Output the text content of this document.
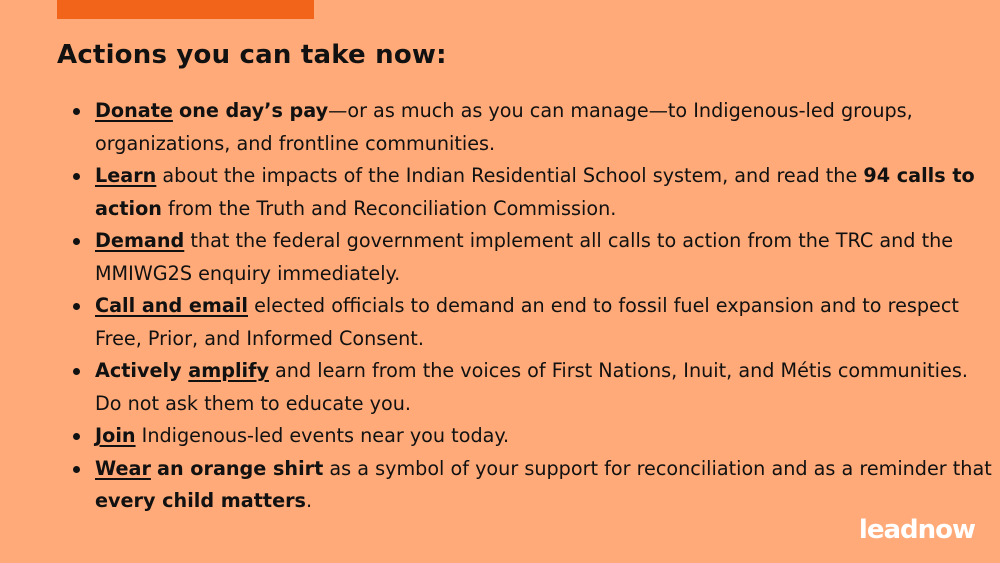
Actions you can take now:
Donate one day’s pay—or as much as you can manage—to Indigenous-led groups, organizations, and frontline communities.
Learn about the impacts of the Indian Residential School system, and read the 94 calls to action from the Truth and Reconciliation Commission.
Demand that the federal government implement all calls to action from the TRC and the MMIWG2S enquiry immediately.
Call and email elected officials to demand an end to fossil fuel expansion and to respect Free, Prior, and Informed Consent.
Actively amplify and learn from the voices of First Nations, Inuit, and Métis communities. Do not ask them to educate you.
Join Indigenous-led events near you today.
Wear an orange shirt as a symbol of your support for reconciliation and as a reminder that every child matters.
leadnow
